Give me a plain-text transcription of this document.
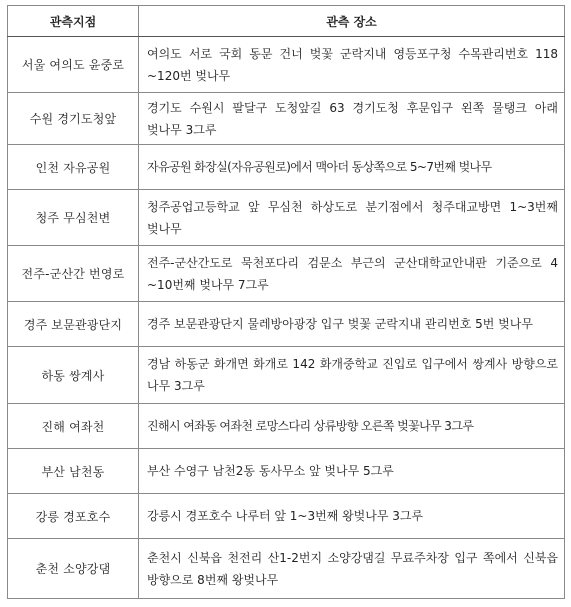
관측지점	관측 장소
서울 여의도 윤중로	여의도 서로 국회 동문 건너 벚꽃 군락지내 영등포구청 수목관리번호 118 ~120번 벚나무
수원 경기도청앞	경기도 수원시 팔달구 도청앞길 63 경기도청 후문입구 왼쪽 물탱크 아래 벚나무 3그루
인천 자유공원	자유공원 화장실(자유공원로)에서 맥아더 동상쪽으로 5~7번째 벚나무
청주 무심천변	청주공업고등학교 앞 무심천 하상도로 분기점에서 청주대교방면 1~3번째 벚나무
전주-군산간 번영로	전주-군산간도로 묵천포다리 검문소 부근의 군산대학교안내판 기준으로 4 ~10번째 벚나무 7그루
경주 보문관광단지	경주 보문관광단지 물레방아광장 입구 벚꽃 군락지내 관리번호 5번 벚나무
하동 쌍계사	경남 하동군 화개면 화개로 142 화개중학교 진입로 입구에서 쌍계사 방향으로 나무 3그루
진해 여좌천	진해시 여좌동 여좌천 로망스다리 상류방향 오른쪽 벚꽃나무 3그루
부산 남천동	부산 수영구 남천2동 동사무소 앞 벚나무 5그루
강릉 경포호수	강릉시 경포호수 나루터 앞 1~3번째 왕벚나무 3그루
춘천 소양강댐	춘천시 신북읍 천전리 산1-2번지 소양강댐길 무료주차장 입구 쪽에서 신북읍 방향으로 8번째 왕벚나무
